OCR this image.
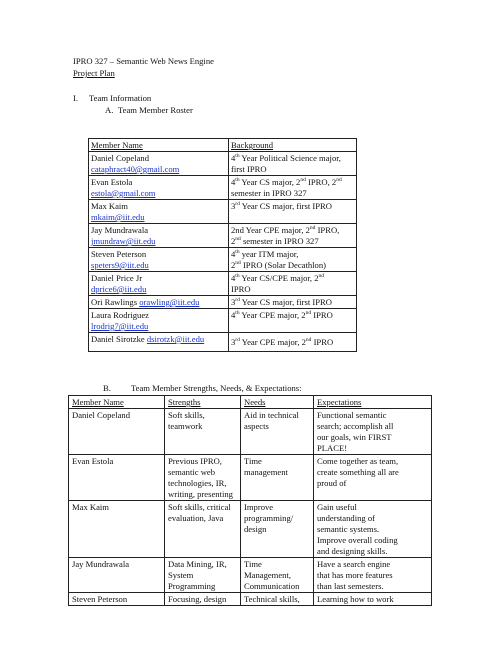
IPRO 327 – Semantic Web News Engine
Project Plan
I. Team Information
A. Team Member Roster
Member Name	Background

Daniel Copeland
cataphract40@gmail.com	4th Year Political Science major,
first IPRO

Evan Estola
estola@gmail.com	4th Year CS major, 2nd IPRO, 2nd
semester in IPRO 327

Max Kaim
mkaim@iit.edu	3rd Year CS major, first IPRO

Jay Mundrawala
jmundraw@iit.edu	2nd Year CPE major, 2nd IPRO,
2nd semester in IPRO 327

Steven Peterson
speters9@iit.edu	4th year ITM major,
2nd IPRO (Solar Decathlon)

Daniel Price Jr
dprice6@iit.edu	4th Year CS/CPE major, 2nd
IPRO

Ori Rawlings orawling@iit.edu	3rd Year CS major, first IPRO

Laura Rodriguez
lrodrig7@iit.edu	4th Year CPE major, 2nd IPRO

Daniel Sirotzke dsirotzk@iit.edu	3rd Year CPE major, 2nd IPRO
B. Team Member Strengths, Needs, & Expectations:
Member Name	Strengths	Needs	Expectations
Daniel Copeland	Soft skills,
teamwork	Aid in technical
aspects	Functional semantic
search; accomplish all
our goals, win FIRST
PLACE!

Evan Estola	Previous IPRO,
semantic web
technologies, IR,
writing, presenting	Time
management	Come together as team,
create something all are
proud of

Max Kaim	Soft skills, critical
evaluation, Java	Improve
programming/
design	Gain useful
understanding of
semantic systems.
Improve overall coding
and designing skills.

Jay Mundrawala	Data Mining, IR,
System
Programming	Time
Management,
Communication	Have a search engine
that has more features
than last semesters.

Steven Peterson	Focusing, design	Technical skills,	Learning how to work
